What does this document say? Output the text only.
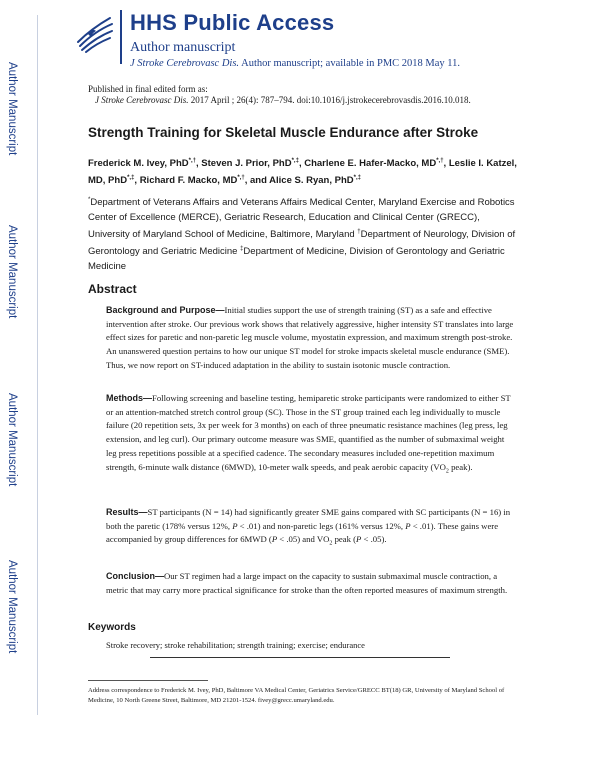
HHS Public Access
Author manuscript
J Stroke Cerebrovasc Dis. Author manuscript; available in PMC 2018 May 11.
Author Manuscript
Author Manuscript
Author Manuscript
Author Manuscript
Published in final edited form as:
J Stroke Cerebrovasc Dis. 2017 April ; 26(4): 787–794. doi:10.1016/j.jstrokecerebrovasdis.2016.10.018.
Strength Training for Skeletal Muscle Endurance after Stroke
Frederick M. Ivey, PhD*,†, Steven J. Prior, PhD*,‡, Charlene E. Hafer-Macko, MD*,†, Leslie I. Katzel, MD, PhD*,‡, Richard F. Macko, MD*,†, and Alice S. Ryan, PhD*,‡
*Department of Veterans Affairs and Veterans Affairs Medical Center, Maryland Exercise and Robotics Center of Excellence (MERCE), Geriatric Research, Education and Clinical Center (GRECC), University of Maryland School of Medicine, Baltimore, Maryland †Department of Neurology, Division of Gerontology and Geriatric Medicine ‡Department of Medicine, Division of Gerontology and Geriatric Medicine
Abstract
Background and Purpose—Initial studies support the use of strength training (ST) as a safe and effective intervention after stroke. Our previous work shows that relatively aggressive, higher intensity ST translates into large effect sizes for paretic and non-paretic leg muscle volume, myostatin expression, and maximum strength post-stroke. An unanswered question pertains to how our unique ST model for stroke impacts skeletal muscle endurance (SME). Thus, we now report on ST-induced adaptation in the ability to sustain isotonic muscle contraction.
Methods—Following screening and baseline testing, hemiparetic stroke participants were randomized to either ST or an attention-matched stretch control group (SC). Those in the ST group trained each leg individually to muscle failure (20 repetition sets, 3x per week for 3 months) on each of three pneumatic resistance machines (leg press, leg extension, and leg curl). Our primary outcome measure was SME, quantified as the number of submaximal weight leg press repetitions possible at a specified cadence. The secondary measures included one-repetition maximum strength, 6-minute walk distance (6MWD), 10-meter walk speeds, and peak aerobic capacity ($VO_2$ peak).
Results—ST participants (N = 14) had significantly greater SME gains compared with SC participants (N = 16) in both the paretic (178% versus 12%, P < .01) and non-paretic legs (161% versus 12%, P < .01). These gains were accompanied by group differences for 6MWD (P < .05) and $VO_2$ peak (P < .05).
Conclusion—Our ST regimen had a large impact on the capacity to sustain submaximal muscle contraction, a metric that may carry more practical significance for stroke than the often reported measures of maximum strength.
Keywords
Stroke recovery; stroke rehabilitation; strength training; exercise; endurance
Address correspondence to Frederick M. Ivey, PhD, Baltimore VA Medical Center, Geriatrics Service/GRECC BT(18) GR, University of Maryland School of Medicine, 10 North Greene Street, Baltimore, MD 21201-1524. fivey@grecc.umaryland.edu.
